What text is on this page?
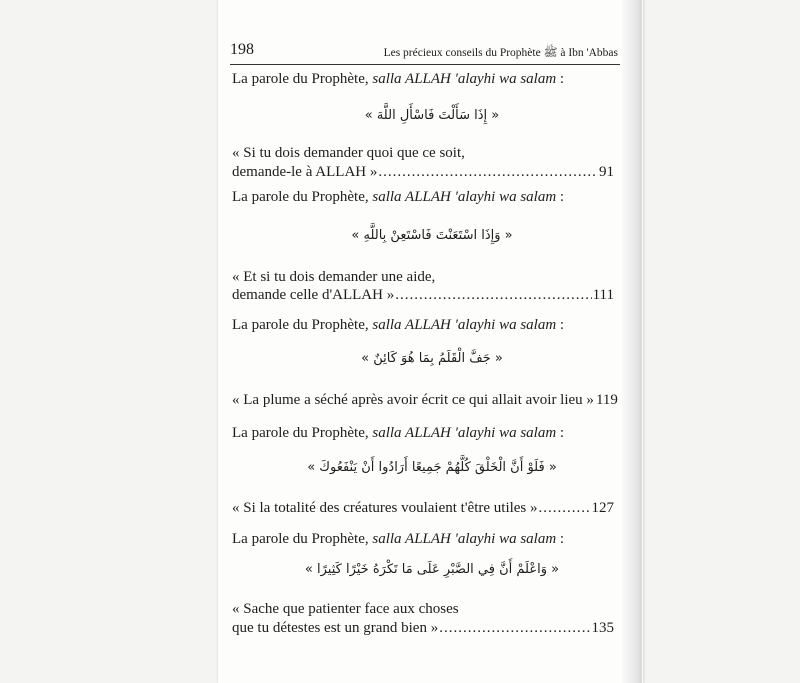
198	Les précieux conseils du Prophète ﷺ à Ibn 'Abbas
La parole du Prophète, salla ALLAH 'alayhi wa salam :
« إِذَا سَأَلْتَ فَاسْأَلِ اللَّهَ »
« Si tu dois demander quoi que ce soit,
demande-le à ALLAH » .....	91
La parole du Prophète, salla ALLAH 'alayhi wa salam :
« وَإِذَا اسْتَعَنْتَ فَاسْتَعِنْ بِاللَّهِ »
« Et si tu dois demander une aide,
demande celle d'ALLAH » .....	111
La parole du Prophète, salla ALLAH 'alayhi wa salam :
« جَفَّ الْقَلَمُ بِمَا هُوَ كَائِنٌ »
« La plume a séché après avoir écrit ce qui allait avoir lieu » 119
La parole du Prophète, salla ALLAH 'alayhi wa salam :
« فَلَوْ أَنَّ الْخَلْقَ كُلَّهُمْ جَمِيعًا أَرَادُوا أَنْ يَنْفَعُوكَ »
« Si la totalité des créatures voulaient t'être utiles » .....	127
La parole du Prophète, salla ALLAH 'alayhi wa salam :
« وَاعْلَمْ أَنَّ فِي الصَّبْرِ عَلَى مَا تَكْرَهُ خَيْرًا كَثِيرًا »
« Sache que patienter face aux choses
que tu détestes est un grand bien » .....	135
